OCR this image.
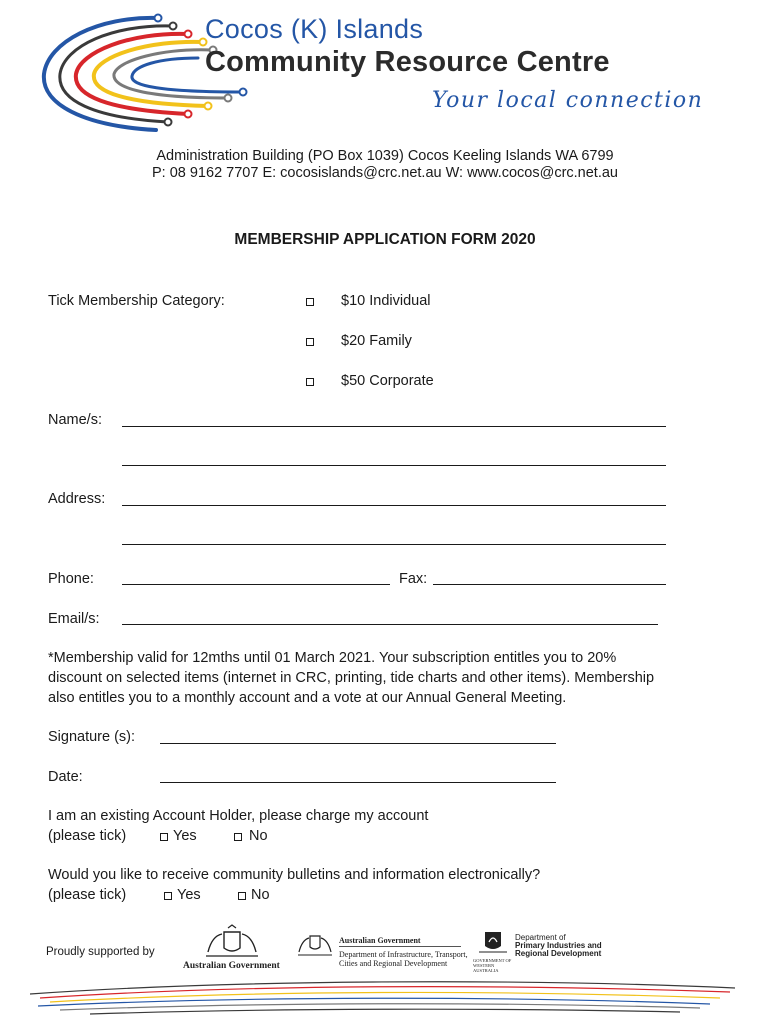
Cocos (K) Islands
Community Resource Centre
Your local connection
Administration Building (PO Box 1039) Cocos Keeling Islands WA 6799
P: 08 9162 7707 E: cocosislands@crc.net.au W: www.cocos@crc.net.au
MEMBERSHIP APPLICATION FORM 2020
Tick Membership Category:	$10 Individual
$20 Family
$50 Corporate
Name/s:
Address:
Phone:	Fax:
Email/s:
*Membership valid for 12mths until 01 March 2021. Your subscription entitles you to 20%
discount on selected items (internet in CRC, printing, tide charts and other items). Membership
also entitles you to a monthly account and a vote at our Annual General Meeting.
Signature (s):
Date:
I am an existing Account Holder, please charge my account
(please tick)	Yes	No
Would you like to receive community bulletins and information electronically?
(please tick)	Yes	No
Proudly supported by
Australian Government
Australian Government
Department of Infrastructure, Transport,
Cities and Regional Development	GOVERNMENT OF WESTERN AUSTRALIA
Department of
Primary Industries and
Regional Development
